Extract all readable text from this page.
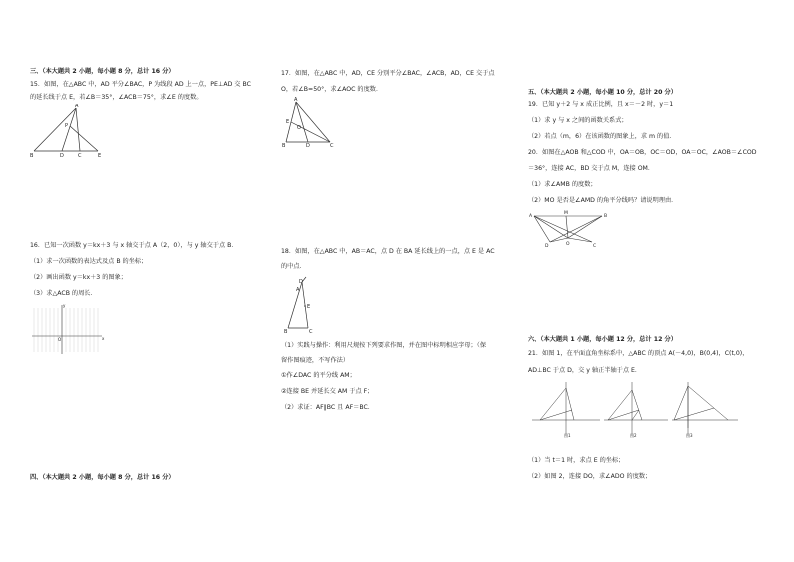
三、（本大题共 2 小题，每小题 8 分，总计 16 分）
15．如图，在△ABC 中，AD 平分∠BAC，P 为线段 AD 上一点，PE⊥AD 交 BC
的延长线于点 E，若∠B＝35°，∠ACB＝75°，求∠E 的度数。
A
P
B	D	C	E
16．已知一次函数 y＝kx＋3 与 x 轴交于点 A（2，0），与 y 轴交于点 B．
（1）求一次函数的表达式及点 B 的坐标；
（2）画出函数 y＝kx＋3 的图象；
（3）求△ACB 的周长．
O	x
y
四、（本大题共 2 小题，每小题 8 分，总计 16 分）
17．如图，在△ABC 中，AD，CE 分别平分∠BAC，∠ACB，AD，CE 交于点
O，若∠B=50°，求∠AOC 的度数．
A
E
O
B	D	C
18．如图，在△ABC 中，AB＝AC，点 D 在 BA 延长线上的一点，点 E 是 AC
的中点．
D
A
E
B	C
（1）实践与操作：利用尺规按下列要求作图，并在图中标明相应字母；（保
留作图痕迹，不写作法）
①作∠DAC 的平分线 AM；
②连接 BE 并延长交 AM 于点 F；
（2）求证：AF∥BC 且 AF＝BC．
五、（本大题共 2 小题，每小题 10 分，总计 20 分）
19．已知 y＋2 与 x 成正比例，且 x＝－2 时，y＝1
（1）求 y 与 x 之间的函数关系式；
（2）若点（m，6）在该函数的图象上，求 m 的值．
20．如图在△AOB 和△COD 中，OA＝OB，OC＝OD，OA＝OC，∠AOB＝∠COD
＝36°，连接 AC，BD 交于点 M，连接 OM．
（1）求∠AMB 的度数；
（2）MO 是否是∠AMD 的角平分线吗？请说明理由．
A
M
B
O
D	C
六、（本大题共 1 小题，每小题 12 分，总计 12 分）
21．如图 1，在平面直角坐标系中，△ABC 的顶点 A(－4,0)，B(0,4)，C(t,0)，
AD⊥BC 于点 D，交 y 轴正半轴于点 E．
图1	图2	图3
（1）当 t＝1 时，求点 E 的坐标；
（2）如图 2，连接 DO，求∠ADO 的度数；
